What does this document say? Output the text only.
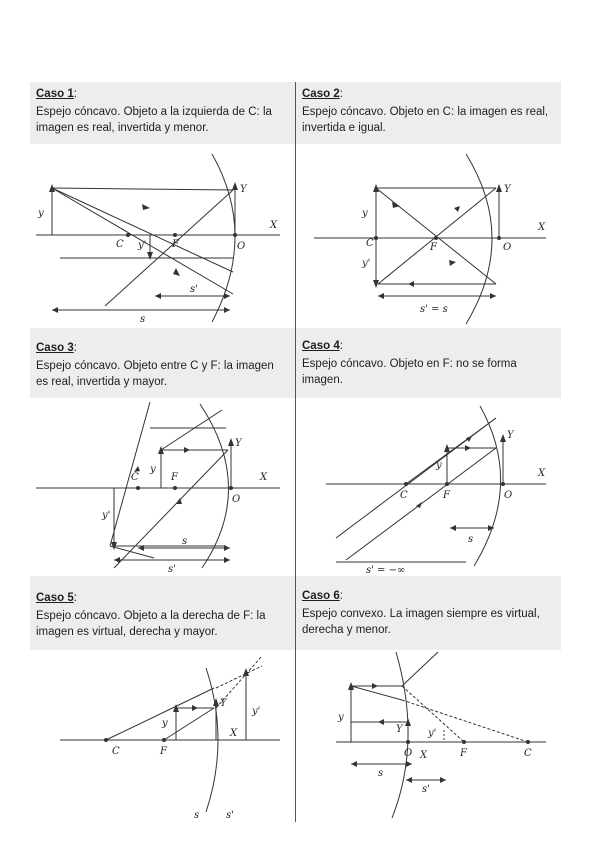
Caso 1:
Espejo cóncavo. Objeto a la izquierda de C: la imagen es real, invertida y menor.
y
Y
X
C	F	O
y'
s'
s
Caso 2:
Espejo cóncavo. Objeto en C: la imagen es real, invertida e igual.
y
Y
X
C	F	O
y'
s' = s
Caso 3:
Espejo cóncavo. Objeto entre C y F: la imagen es real, invertida y mayor.
y
Y
X
C	F
O
y'
s
s'
Caso 4:
Espejo cóncavo. Objeto en F: no se forma imagen.
y
Y
X
C	F	O
s
s' = −∞
Caso 5:
Espejo cóncavo. Objeto a la derecha de F: la imagen es virtual, derecha y mayor.
y
Y
X
C	F
y'
s	s'
Caso 6:
Espejo convexo. La imagen siempre es virtual, derecha y menor.
y
Y
X	C
F
O
y'
s
s'
